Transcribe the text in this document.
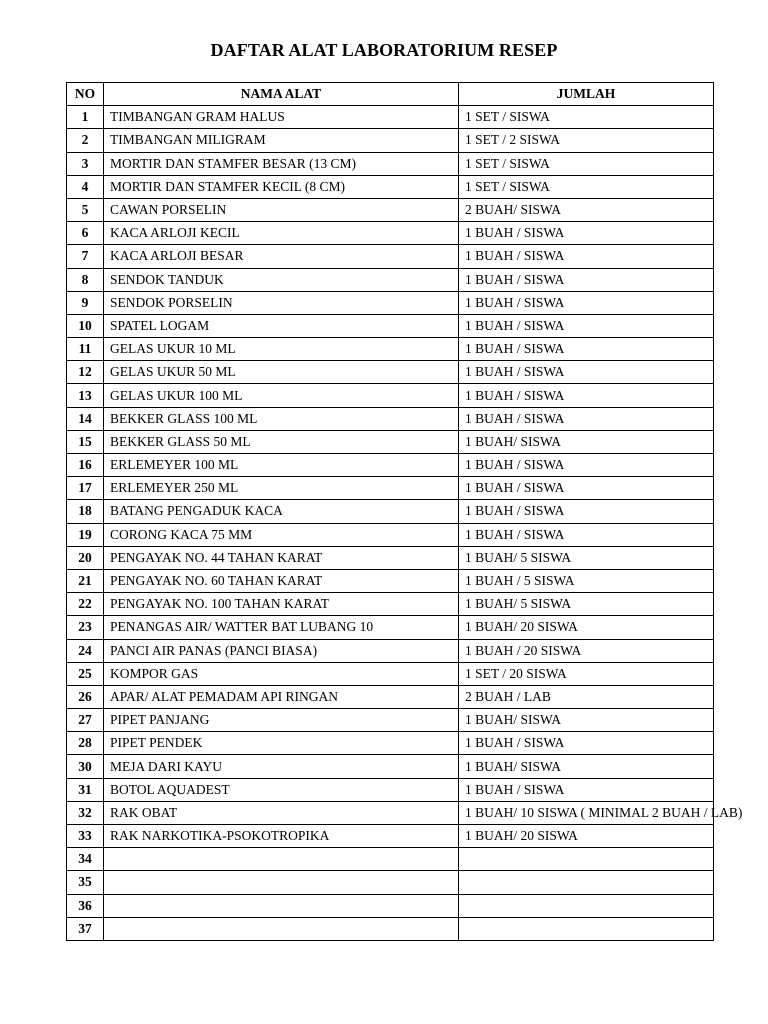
DAFTAR ALAT LABORATORIUM RESEP
NO	NAMA ALAT	JUMLAH
1	TIMBANGAN GRAM HALUS	1 SET / SISWA
2	TIMBANGAN MILIGRAM	1 SET / 2 SISWA
3	MORTIR DAN STAMFER BESAR (13 CM)	1 SET / SISWA
4	MORTIR DAN STAMFER KECIL (8 CM)	1 SET / SISWA
5	CAWAN PORSELIN	2 BUAH/ SISWA
6	KACA ARLOJI KECIL	1 BUAH / SISWA
7	KACA ARLOJI BESAR	1 BUAH / SISWA
8	SENDOK TANDUK	1 BUAH / SISWA
9	SENDOK PORSELIN	1 BUAH / SISWA
10	SPATEL LOGAM	1 BUAH / SISWA
11	GELAS UKUR 10 ML	1 BUAH / SISWA
12	GELAS UKUR 50 ML	1 BUAH / SISWA
13	GELAS UKUR 100 ML	1 BUAH / SISWA
14	BEKKER GLASS 100 ML	1 BUAH / SISWA
15	BEKKER GLASS 50 ML	1 BUAH/ SISWA
16	ERLEMEYER 100 ML	1 BUAH / SISWA
17	ERLEMEYER 250 ML	1 BUAH / SISWA
18	BATANG PENGADUK KACA	1 BUAH / SISWA
19	CORONG KACA 75 MM	1 BUAH / SISWA
20	PENGAYAK NO. 44 TAHAN KARAT	1 BUAH/ 5 SISWA
21	PENGAYAK NO. 60 TAHAN KARAT	1 BUAH / 5 SISWA
22	PENGAYAK NO. 100 TAHAN KARAT	1 BUAH/ 5 SISWA
23	PENANGAS AIR/ WATTER BAT LUBANG 10	1 BUAH/ 20 SISWA
24	PANCI AIR PANAS (PANCI BIASA)	1 BUAH / 20 SISWA
25	KOMPOR GAS	1 SET / 20 SISWA
26	APAR/ ALAT PEMADAM API RINGAN	2 BUAH / LAB
27	PIPET PANJANG	1 BUAH/ SISWA
28	PIPET PENDEK	1 BUAH / SISWA
30	MEJA DARI KAYU	1 BUAH/ SISWA
31	BOTOL AQUADEST	1 BUAH / SISWA
32	RAK OBAT	1 BUAH/ 10 SISWA ( MINIMAL 2 BUAH / LAB)
33	RAK NARKOTIKA-PSOKOTROPIKA	1 BUAH/ 20 SISWA
34		
35		
36		
37		
